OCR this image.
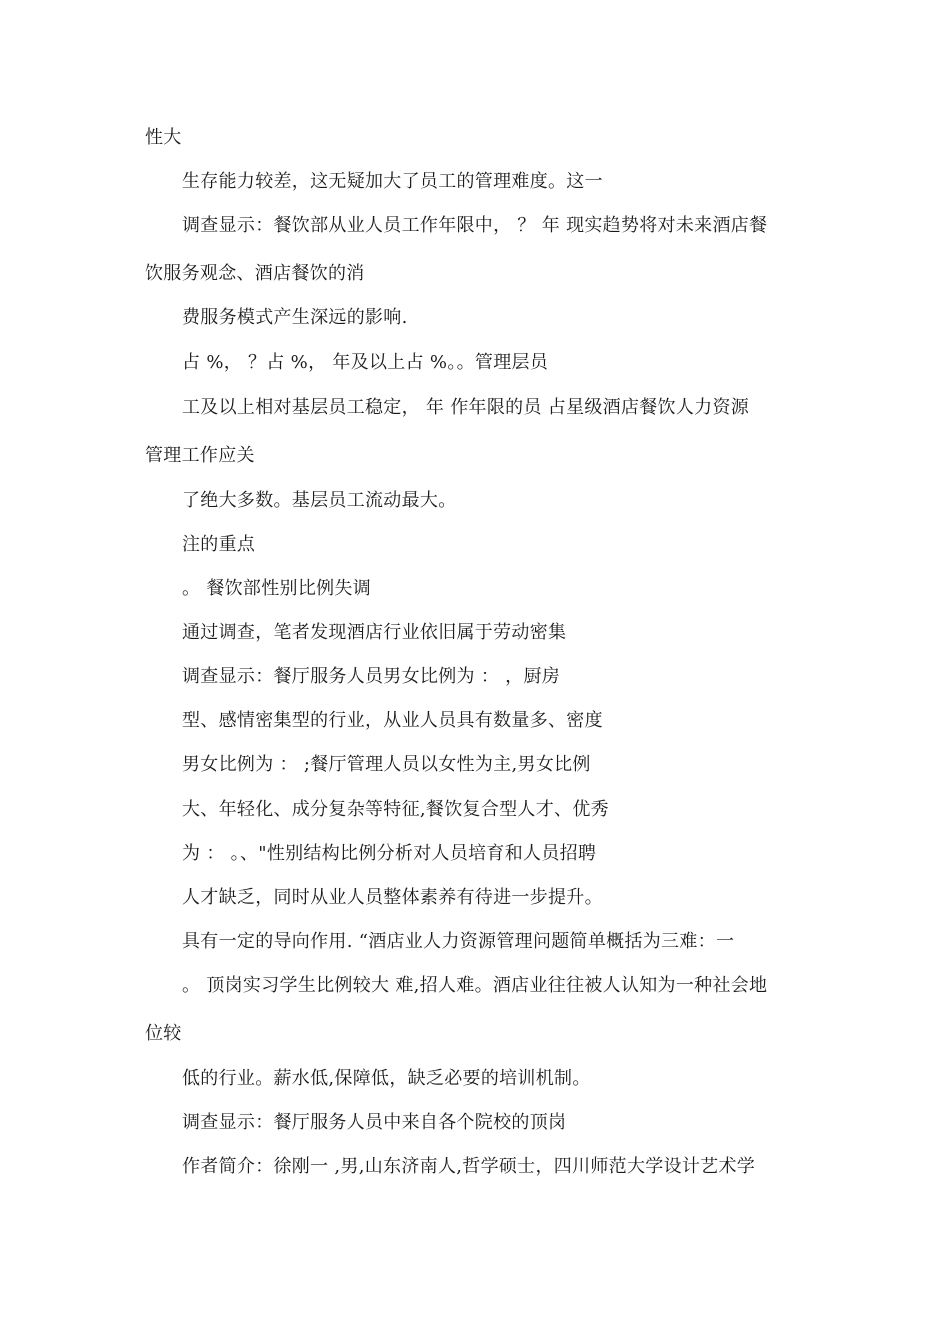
性大
生存能力较差，这无疑加大了员工的管理难度。这一
调查显示：餐饮部从业人员工作年限中， ？ 年 现实趋势将对未来酒店餐
饮服务观念、酒店餐饮的消
费服务模式产生深远的影响.
占 %， ？占 %， 年及以上占 %。。管理层员
工及以上相对基层员工稳定， 年 作年限的员 占星级酒店餐饮人力资源
管理工作应关
了绝大多数。基层员工流动最大。
注的重点
。 餐饮部性别比例失调
通过调查，笔者发现酒店行业依旧属于劳动密集
调查显示：餐厅服务人员男女比例为 ： ，厨房
型、感情密集型的行业，从业人员具有数量多、密度
男女比例为 ： ;餐厅管理人员以女性为主,男女比例
大、年轻化、成分复杂等特征,餐饮复合型人才、优秀
为 ： 。、"性别结构比例分析对人员培育和人员招聘
人才缺乏，同时从业人员整体素养有待进一步提升。
具有一定的导向作用. “酒店业人力资源管理问题简单概括为三难：一
。 顶岗实习学生比例较大 难,招人难。酒店业往往被人认知为一种社会地
位较
低的行业。薪水低,保障低，缺乏必要的培训机制。
调查显示：餐厅服务人员中来自各个院校的顶岗
作者简介：徐刚一 ,男,山东济南人,哲学硕士，四川师范大学设计艺术学
